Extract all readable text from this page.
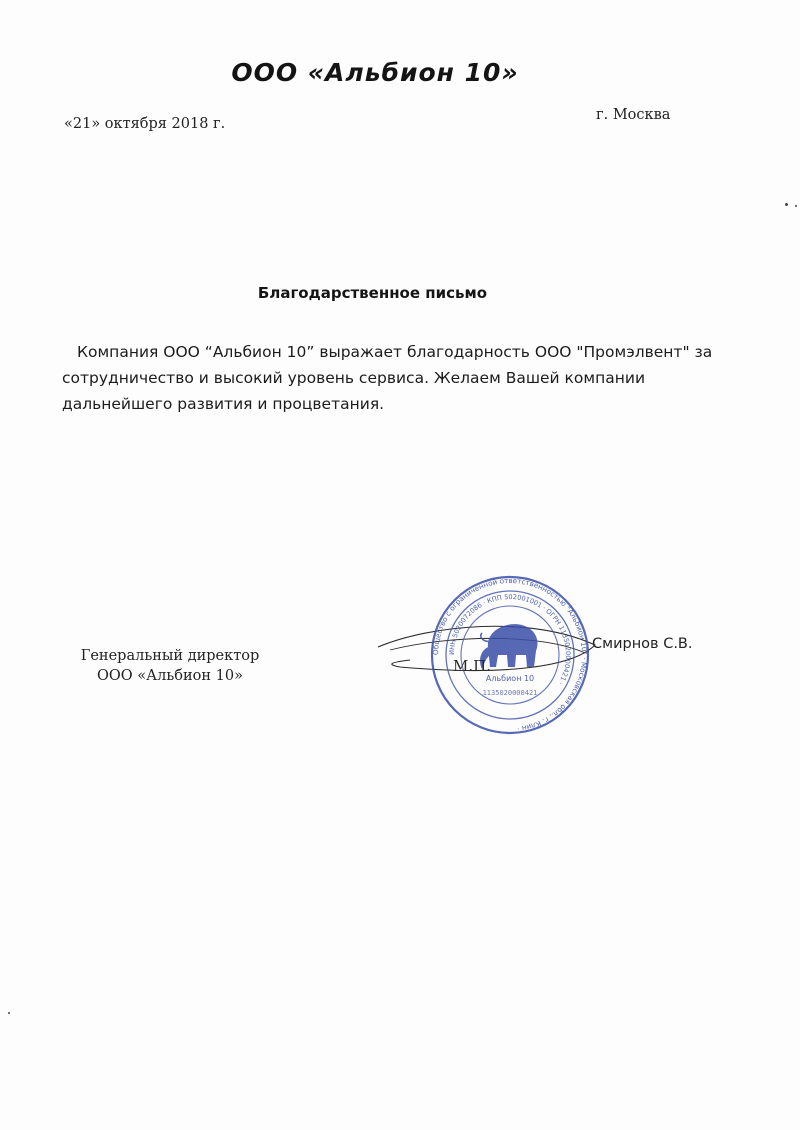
ООО «Альбион 10»
«21» октября 2018 г.
г. Москва
Благодарственное письмо
Компания ООО “Альбион 10” выражает благодарность ООО "Промэлвент" за
сотрудничество и высокий уровень сервиса. Желаем Вашей компании
дальнейшего развития и процветания.
Генеральный директор
ООО «Альбион 10»
Общество с ограниченной ответственностью "Альбион 10" · Московская обл., г. Клин ·
ИНН 5020072086 · КПП 502001001 · ОГРН 1135020000421 ·
Альбион 10
1135020000421
М.П.
Смирнов С.В.
